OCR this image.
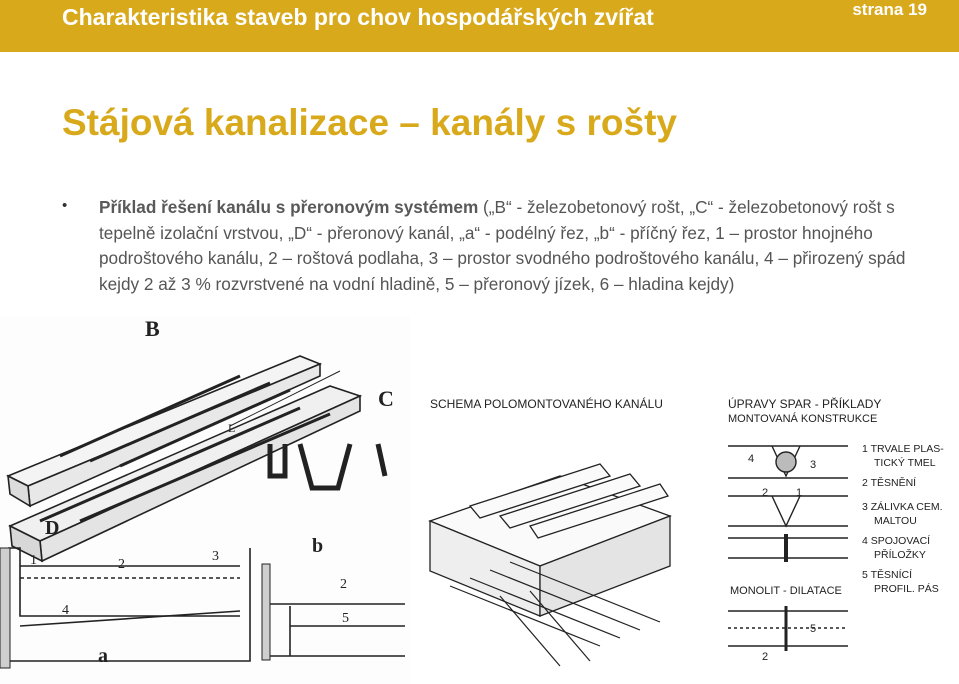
Charakteristika staveb pro chov hospodářských zvířat	strana 19
Stájová kanalizace – kanály s rošty
• Příklad řešení kanálu s přeronovým systémem („B“ - železobetonový rošt, „C“ - železobetonový rošt s tepelně izolační vrstvou, „D“ - přeronový kanál, „a“ - podélný řez, „b“ - příčný řez, 1 – prostor hnojného podroštového kanálu, 2 – roštová podlaha, 3 – prostor svodného podroštového kanálu, 4 – přirozený spád kejdy 2 až 3 % rozvrstvené na vodní hladině, 5 – přeronový jízek, 6 – hladina kejdy)
L
B
C
D
1	2
3
4
a
b
2
5
SCHEMA POLOMONTOVANÉHO KANÁLU	ÚPRAVY SPAR - PŘÍKLADY
MONTOVANÁ KONSTRUKCE
4	3
2	1
MONOLIT - DILATACE
5
2
1 TRVALE PLAS-
TICKÝ TMEL
2 TĚSNĚNÍ
3 ZÁLIVKA CEM.
MALTOU
4 SPOJOVACÍ
PŘÍLOŽKY
5 TĚSNÍCÍ
PROFIL. PÁS
